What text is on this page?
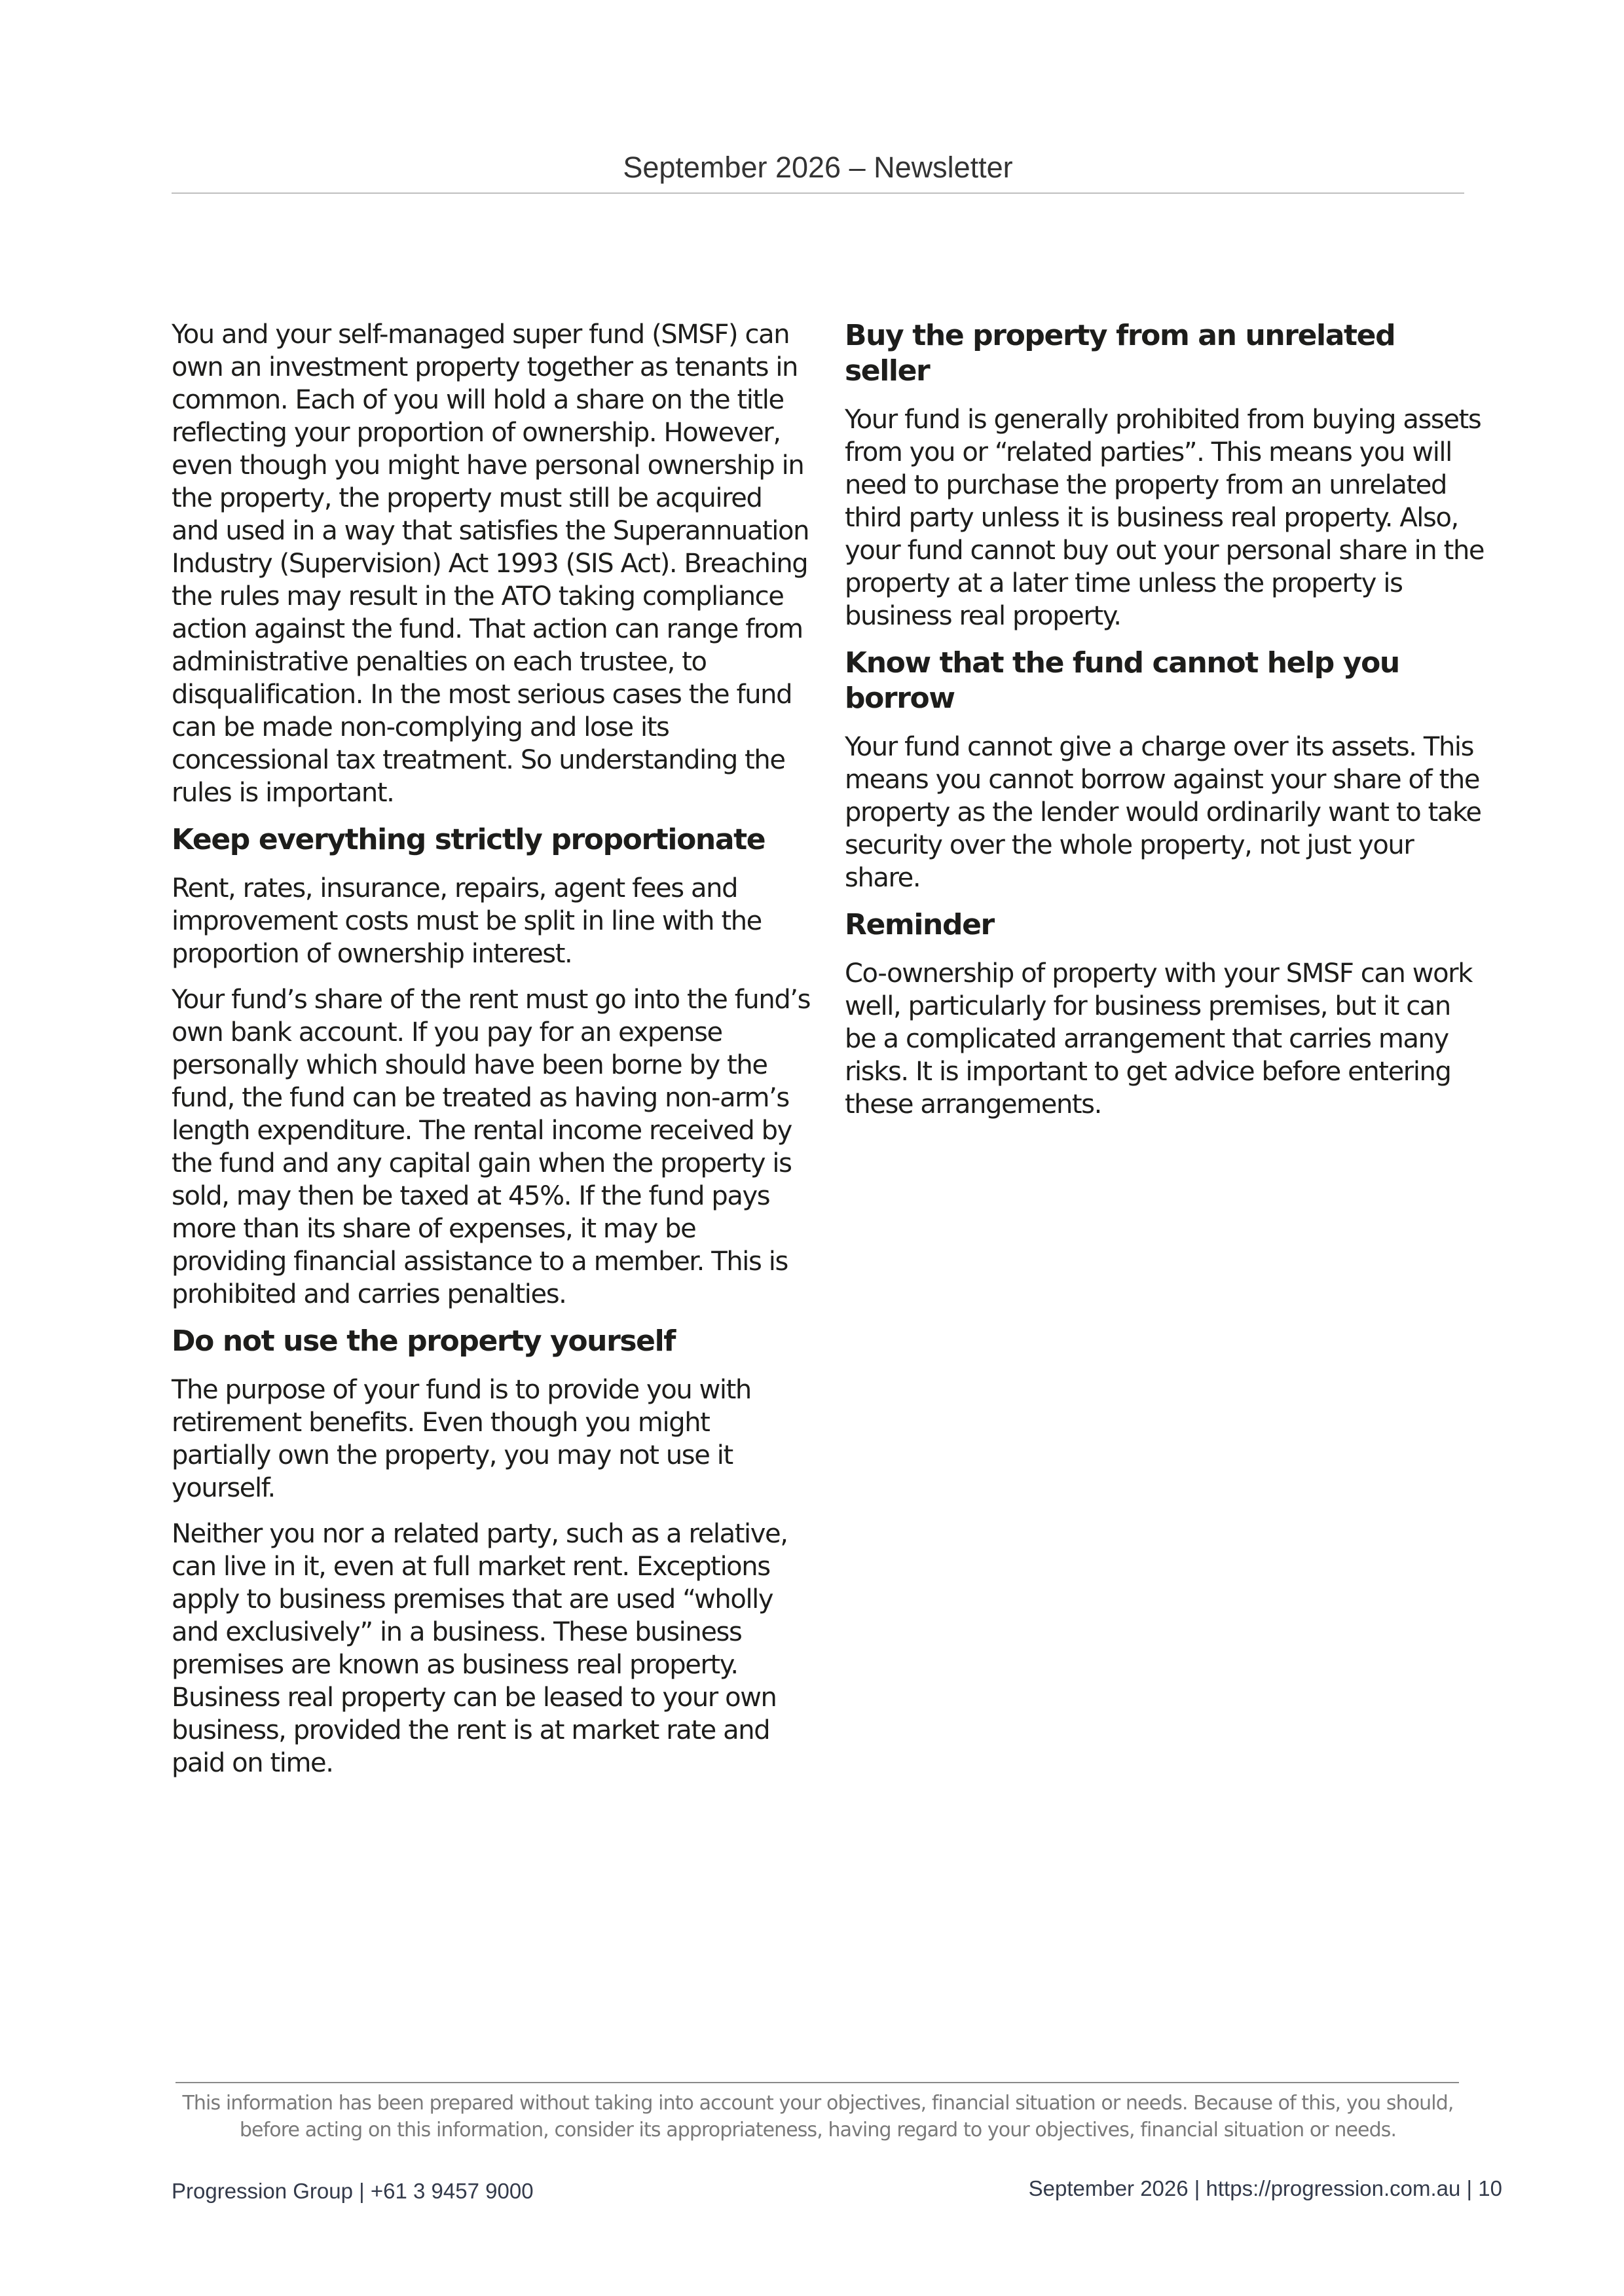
September 2026 – Newsletter

You and your self-managed super fund (SMSF) can own an investment property together as tenants in common. Each of you will hold a share on the title reflecting your proportion of ownership. However, even though you might have personal ownership in the property, the property must still be acquired and used in a way that satisfies the Superannuation Industry (Supervision) Act 1993 (SIS Act). Breaching the rules may result in the ATO taking compliance action against the fund. That action can range from administrative penalties on each trustee, to disqualification. In the most serious cases the fund can be made non-complying and lose its concessional tax treatment. So understanding the rules is important.

Keep everything strictly proportionate

Rent, rates, insurance, repairs, agent fees and improvement costs must be split in line with the proportion of ownership interest.

Your fund’s share of the rent must go into the fund’s own bank account. If you pay for an expense personally which should have been borne by the fund, the fund can be treated as having non-arm’s length expenditure. The rental income received by the fund and any capital gain when the property is sold, may then be taxed at 45%. If the fund pays more than its share of expenses, it may be providing financial assistance to a member. This is prohibited and carries penalties.

Do not use the property yourself

The purpose of your fund is to provide you with retirement benefits. Even though you might partially own the property, you may not use it yourself.

Neither you nor a related party, such as a relative, can live in it, even at full market rent. Exceptions apply to business premises that are used “wholly and exclusively” in a business. These business premises are known as business real property. Business real property can be leased to your own business, provided the rent is at market rate and paid on time.

Buy the property from an unrelated seller

Your fund is generally prohibited from buying assets from you or “related parties”. This means you will need to purchase the property from an unrelated third party unless it is business real property. Also, your fund cannot buy out your personal share in the property at a later time unless the property is business real property.

Know that the fund cannot help you borrow

Your fund cannot give a charge over its assets. This means you cannot borrow against your share of the property as the lender would ordinarily want to take security over the whole property, not just your share.

Reminder

Co-ownership of property with your SMSF can work well, particularly for business premises, but it can be a complicated arrangement that carries many risks. It is important to get advice before entering these arrangements.

This information has been prepared without taking into account your objectives, financial situation or needs. Because of this, you should, before acting on this information, consider its appropriateness, having regard to your objectives, financial situation or needs.
Progression Group | +61 3 9457 9000	September 2026 | https://progression.com.au | 10
